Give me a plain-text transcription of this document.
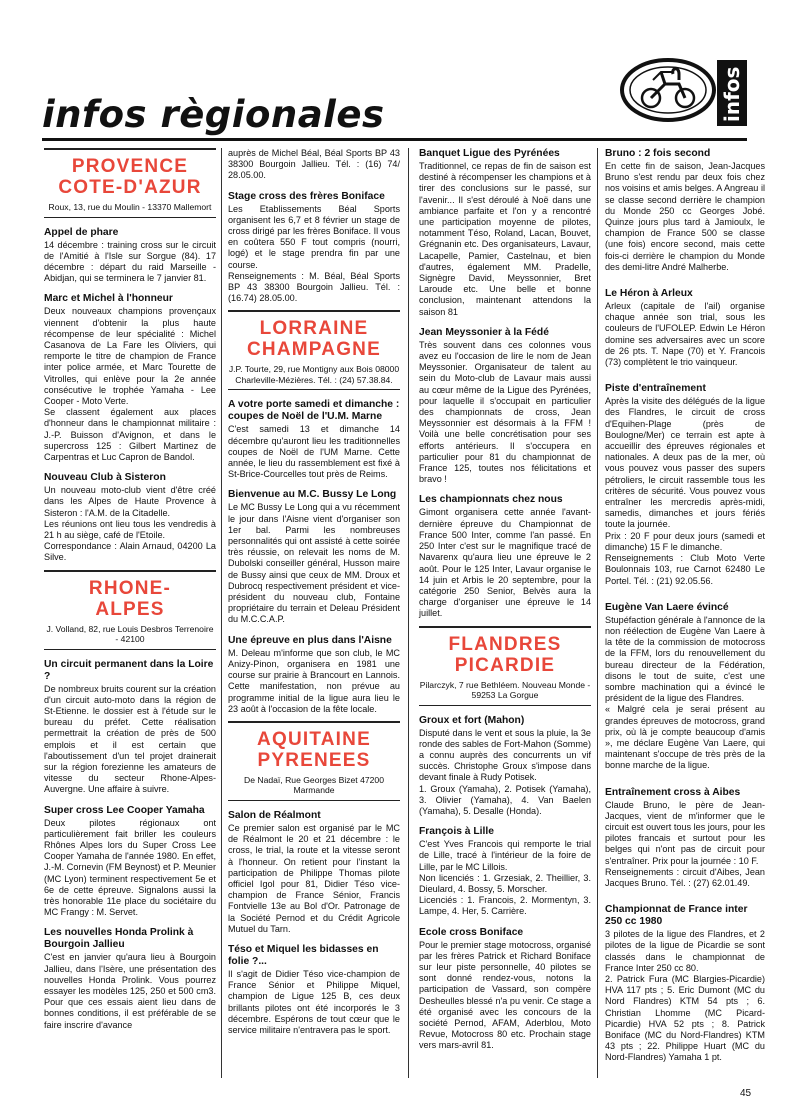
infos règionales	infos
PROVENCE
COTE-D'AZUR
Roux, 13, rue du Moulin - 13370 Mallemort
Appel de phare

14 décembre : training cross sur le circuit de l'Amitié à l'Isle sur Sorgue (84). 17 décembre : départ du raid Marseille - Abidjan, qui se terminera le 7 janvier 81.

Marc et Michel à l'honneur

Deux nouveaux champions provençaux viennent d'obtenir la plus haute récompense de leur spécialité : Michel Casanova de La Fare les Oliviers, qui remporte le titre de champion de France inter police armée, et Marc Tourette de Vitrolles, qui enlève pour la 2e année consécutive le trophée Yamaha - Lee Cooper - Moto Verte.

Se classent également aux places d'honneur dans le championnat militaire : J.-P. Buisson d'Avignon, et dans le supercross 125 : Gilbert Martinez de Carpentras et Luc Capron de Bandol.

Nouveau Club à Sisteron

Un nouveau moto-club vient d'être créé dans les Alpes de Haute Provence à Sisteron : l'A.M. de la Citadelle.

Les réunions ont lieu tous les vendredis à 21 h au siège, café de l'Etoile.

Correspondance : Alain Arnaud, 04200 La Silve.

RHONE-
ALPES
J. Volland, 82, rue Louis Desbros Terrenoire - 42100
Un circuit permanent dans la Loire ?

De nombreux bruits courent sur la création d'un circuit auto-moto dans la région de St-Etienne. le dossier est à l'étude sur le bureau du préfet. Cette réalisation permettrait la création de près de 500 emplois et il est certain que l'aboutissement d'un tel projet drainerait sur la région forezienne les amateurs de vitesse du secteur Rhone-Alpes-Auvergne. Une affaire à suivre.

Super cross Lee Cooper Yamaha

Deux pilotes régionaux ont particulièrement fait briller les couleurs Rhônes Alpes lors du Super Cross Lee Cooper Yamaha de l'année 1980. En effet, J.-M. Cornevin (FM Beynost) et P. Meunier (MC Lyon) terminent respectivement 5e et 6e de cette épreuve. Signalons aussi la très honorable 11e place du sociétaire du MC Frangy : M. Servet.

Les nouvelles Honda Prolink à Bourgoin Jallieu

C'est en janvier qu'aura lieu à Bourgoin Jallieu, dans l'Isère, une présentation des nouvelles Honda Prolink. Vous pourrez essayer les modèles 125, 250 et 500 cm3. Pour que ces essais aient lieu dans de bonnes conditions, il est préférable de se faire inscrire d'avance

auprès de Michel Béal, Béal Sports BP 43 38300 Bourgoin Jallieu. Tél. : (16) 74/ 28.05.00.

Stage cross des frères Boniface

Les Etablissements Béal Sports organisent les 6,7 et 8 février un stage de cross dirigé par les frères Boniface. Il vous en coûtera 550 F tout compris (nourri, logé) et le stage prendra fin par une course.

Renseignements : M. Béal, Béal Sports BP 43 38300 Bourgoin Jallieu. Tél. : (16.74) 28.05.00.

LORRAINE
CHAMPAGNE
J.P. Tourte, 29, rue Montigny aux Bois 08000 Charleville-Mézières. Tél. : (24) 57.38.84.
A votre porte samedi et dimanche : coupes de Noël de l'U.M. Marne

C'est samedi 13 et dimanche 14 décembre qu'auront lieu les traditionnelles coupes de Noël de l'UM Marne. Cette année, le lieu du rassemblement est fixé à St-Brice-Courcelles tout près de Reims.

Bienvenue au M.C. Bussy Le Long

Le MC Bussy Le Long qui a vu récemment le jour dans l'Aisne vient d'organiser son 1er bal. Parmi les nombreuses personnalités qui ont assisté à cette soirée très réussie, on relevait les noms de M. Dubolski conseiller général, Husson maire de Bussy ainsi que ceux de MM. Droux et Dubrocq respectivement président et vice-président du nouveau club, Fontaine propriétaire du terrain et Deleau Président du M.C.C.A.P.

Une épreuve en plus dans l'Aisne

M. Deleau m'informe que son club, le MC Anizy-Pinon, organisera en 1981 une course sur prairie à Brancourt en Lannois. Cette manifestation, non prévue au programme initial de la ligue aura lieu le 23 août à l'occasion de la fête locale.

AQUITAINE
PYRENEES
De Nadaï, Rue Georges Bizet 47200 Marmande
Salon de Réalmont

Ce premier salon est organisé par le MC de Réalmont le 20 et 21 décembre : le cross, le trial, la route et la vitesse seront à l'honneur. On retient pour l'instant la participation de Philippe Thomas pilote officiel Igol pour 81, Didier Téso vice-champion de France Sénior, Francis Fontvielle 13e au Bol d'Or. Patronage de la Société Pernod et du Crédit Agricole Mutuel du Tarn.

Téso et Miquel les bidasses en folie ?...

Il s'agit de Didier Téso vice-champion de France Sénior et Philippe Miquel, champion de Ligue 125 B, ces deux brillants pilotes ont été incorporés le 3 décembre. Espérons de tout cœur que le service militaire n'entravera pas le sport.

Banquet Ligue des Pyrénées

Traditionnel, ce repas de fin de saison est destiné à récompenser les champions et à tirer des conclusions sur le passé, sur l'avenir... Il s'est déroulé à Noë dans une ambiance parfaite et l'on y a rencontré une participation moyenne de pilotes, notamment Téso, Roland, Lacan, Bouvet, Grégnanin etc. Des organisateurs, Lavaur, Lacapelle, Pamier, Castelnau, et bien d'autres, également MM. Pradelle, Signègre David, Meyssonnier, Bret Laroude etc. Une belle et bonne conclusion, maintenant attendons la saison 81

Jean Meyssonier à la Fédé

Très souvent dans ces colonnes vous avez eu l'occasion de lire le nom de Jean Meyssonier. Organisateur de talent au sein du Moto-club de Lavaur mais aussi au cœur même de la Ligue des Pyrénées, pour laquelle il s'occupait en particulier des championnats de cross, Jean Meyssonnier est désormais à la FFM ! Voilà une belle concrétisation pour ses efforts antérieurs. Il s'occupera en particulier pour 81 du championnat de France 125, toutes nos félicitations et bravo !

Les championnats chez nous

Gimont organisera cette année l'avant-dernière épreuve du Championnat de France 500 Inter, comme l'an passé. En 250 Inter c'est sur le magnifique tracé de Navarenx qu'aura lieu une épreuve le 2 août. Pour le 125 Inter, Lavaur organise le 14 juin et Arbis le 20 septembre, pour la catégorie 250 Senior, Belvès aura la charge d'organiser une épreuve le 14 juillet.

FLANDRES
PICARDIE
Pilarczyk, 7 rue Bethléem. Nouveau Monde - 59253 La Gorgue
Groux et fort (Mahon)

Disputé dans le vent et sous la pluie, la 3e ronde des sables de Fort-Mahon (Somme) a connu auprès des concurrents un vif succès. Christophe Groux s'impose dans devant finale à Rudy Potisek.

1. Groux (Yamaha), 2. Potisek (Yamaha), 3. Olivier (Yamaha), 4. Van Baelen (Yamaha), 5. Desalle (Honda).

François à Lille

C'est Yves Francois qui remporte le trial de Lille, tracé à l'intérieur de la foire de Lille, par le MC Lillois.

Non licenciés : 1. Grzesiak, 2. Theillier, 3. Dieulard, 4. Bossy, 5. Morscher.

Licenciés : 1. Francois, 2. Mormentyn, 3. Lampe, 4. Her, 5. Carrière.

Ecole cross Boniface

Pour le premier stage motocross, organisé par les frères Patrick et Richard Boniface sur leur piste personnelle, 40 pilotes se sont donné rendez-vous, notons la participation de Vassard, son compère Desheulles blessé n'a pu venir. Ce stage a été organisé avec les concours de la société Pernod, AFAM, Aderblou, Moto Revue, Motocross 80 etc. Prochain stage vers mars-avril 81.

Bruno : 2 fois second

En cette fin de saison, Jean-Jacques Bruno s'est rendu par deux fois chez nos voisins et amis belges. A Angreau il se classe second derrière le champion du Monde 250 cc Georges Jobé. Quinze jours plus tard à Jamioulx, le champion de France 500 se classe (une fois) encore second, mais cette fois-ci derrière le champion du Monde des demi-litre André Malherbe.

Le Héron à Arleux

Arleux (capitale de l'ail) organise chaque année son trial, sous les couleurs de l'UFOLEP. Edwin Le Héron domine ses adversaires avec un score de 26 pts. T. Nape (70) et Y. Francois (73) complètent le trio vainqueur.

Piste d'entraînement

Après la visite des délégués de la ligue des Flandres, le circuit de cross d'Equihen-Plage (près de Boulogne/Mer) ce terrain est apte à accueillir des épreuves régionales et nationales. A deux pas de la mer, où vous pouvez vous passer des supers pétroliers, le circuit rassemble tous les critères de sécurité. Vous pouvez vous entraîner les mercredis après-midi, samedis, dimanches et jours fériés toute la journée.

Prix : 20 F pour deux jours (samedi et dimanche) 15 F le dimanche.

Renseignements : Club Moto Verte Boulonnais 103, rue Carnot 62480 Le Portel. Tél. : (21) 92.05.56.

Eugène Van Laere évincé

Stupéfaction générale à l'annonce de la non réélection de Eugène Van Laere à la tête de la commission de motocross de la FFM, lors du renouvellement du bureau directeur de la Fédération, disons le tout de suite, c'est une sombre machination qui a évincé le président de la ligue des Flandres.

« Malgré cela je serai présent au grandes épreuves de motocross, grand prix, où là je compte beaucoup d'amis », me déclare Eugène Van Laere, qui maintenant s'occupe de très près de la bonne marche de la ligue.

Entraînement cross à Aibes

Claude Bruno, le père de Jean-Jacques, vient de m'informer que le circuit est ouvert tous les jours, pour les pilotes francais et surtout pour les belges qui n'ont pas de circuit pour s'entraîner. Prix pour la journée : 10 F.

Renseignements : circuit d'Aibes, Jean Jacques Bruno. Tél. : (27) 62.01.49.

Championnat de France inter 250 cc 1980

3 pilotes de la ligue des Flandres, et 2 pilotes de la ligue de Picardie se sont classés dans le championnat de France Inter 250 cc 80.

2. Patrick Fura (MC Blargies-Picardie) HVA 117 pts ; 5. Eric Dumont (MC du Nord Flandres) KTM 54 pts ; 6. Christian Lhomme (MC Picard-Picardie) HVA 52 pts ; 8. Patrick Boniface (MC du Nord-Flandres) KTM 43 pts ; 22. Philippe Huart (MC du Nord-Flandres) Yamaha 1 pt.

45
